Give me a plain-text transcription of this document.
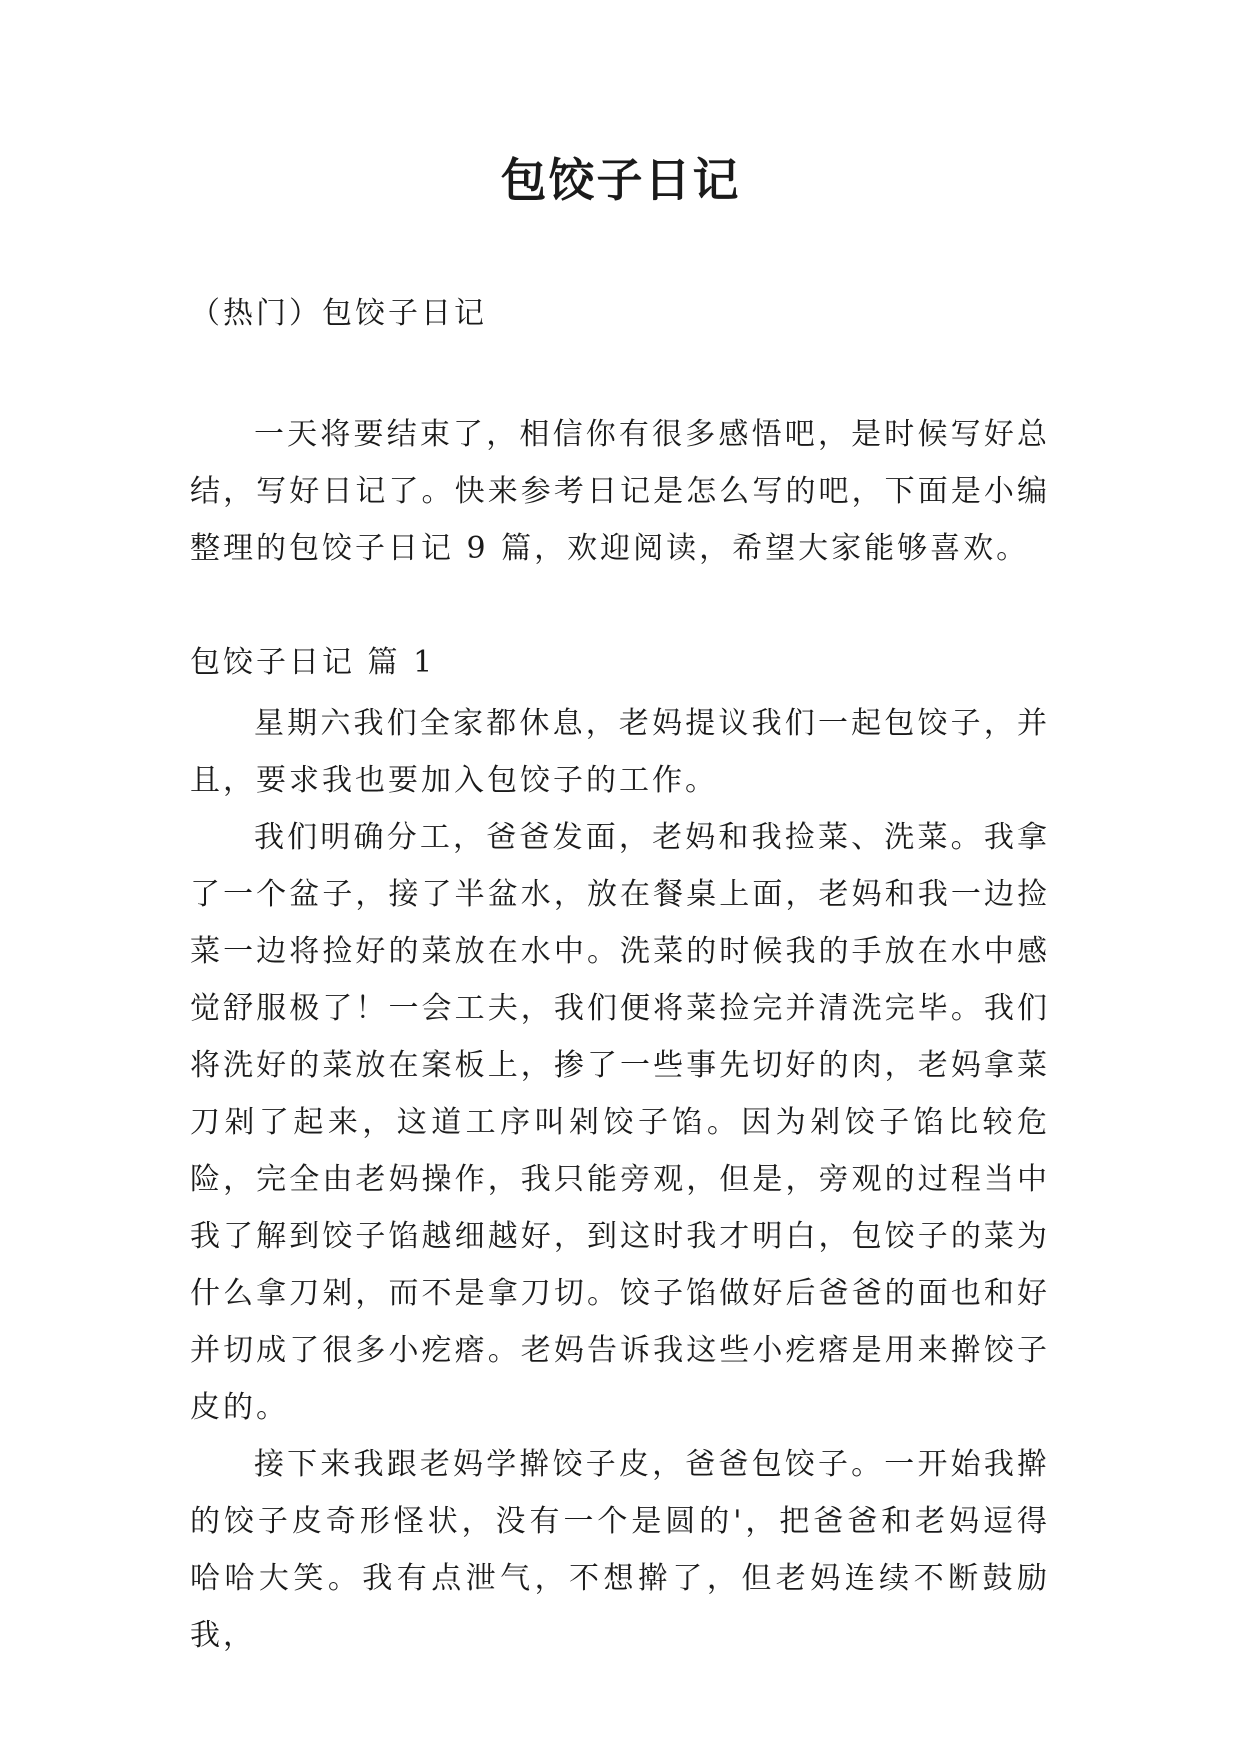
包饺子日记
（热门）包饺子日记

一天将要结束了，相信你有很多感悟吧，是时候写好总结，写好日记了。快来参考日记是怎么写的吧，下面是小编整理的包饺子日记 9 篇，欢迎阅读，希望大家能够喜欢。

包饺子日记 篇 1

星期六我们全家都休息，老妈提议我们一起包饺子，并且，要求我也要加入包饺子的工作。

我们明确分工，爸爸发面，老妈和我捡菜、洗菜。我拿了一个盆子，接了半盆水，放在餐桌上面，老妈和我一边捡菜一边将捡好的菜放在水中。洗菜的时候我的手放在水中感觉舒服极了！一会工夫，我们便将菜捡完并清洗完毕。我们将洗好的菜放在案板上，掺了一些事先切好的肉，老妈拿菜刀剁了起来，这道工序叫剁饺子馅。因为剁饺子馅比较危险，完全由老妈操作，我只能旁观，但是，旁观的过程当中我了解到饺子馅越细越好，到这时我才明白，包饺子的菜为什么拿刀剁，而不是拿刀切。饺子馅做好后爸爸的面也和好并切成了很多小疙瘩。老妈告诉我这些小疙瘩是用来擀饺子皮的。

接下来我跟老妈学擀饺子皮，爸爸包饺子。一开始我擀的饺子皮奇形怪状，没有一个是圆的'，把爸爸和老妈逗得哈哈大笑。我有点泄气，不想擀了，但老妈连续不断鼓励我，
